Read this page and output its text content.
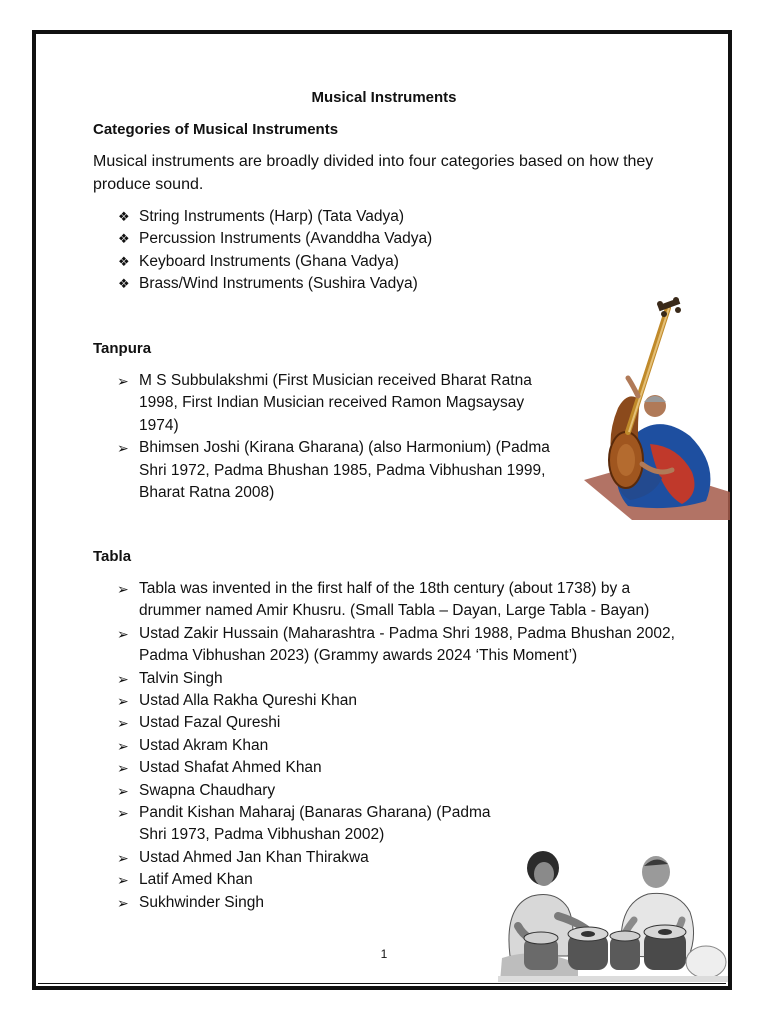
Musical Instruments
Categories of Musical Instruments
Musical instruments are broadly divided into four categories based on how they produce sound.
❖ String Instruments (Harp) (Tata Vadya)
❖ Percussion Instruments (Avanddha Vadya)
❖ Keyboard Instruments (Ghana Vadya)
❖ Brass/Wind Instruments (Sushira Vadya)
Tanpura
➢ M S Subbulakshmi (First Musician received Bharat Ratna 1998, First Indian Musician received Ramon Magsaysay 1974)
➢ Bhimsen Joshi (Kirana Gharana) (also Harmonium) (Padma Shri 1972, Padma Bhushan 1985, Padma Vibhushan 1999, Bharat Ratna 2008)
Tabla
➢ Tabla was invented in the first half of the 18th century (about 1738) by a drummer named Amir Khusru. (Small Tabla – Dayan, Large Tabla - Bayan)
➢ Ustad Zakir Hussain (Maharashtra - Padma Shri 1988, Padma Bhushan 2002, Padma Vibhushan 2023) (Grammy awards 2024 ‘This Moment’)
➢ Talvin Singh
➢ Ustad Alla Rakha Qureshi Khan
➢ Ustad Fazal Qureshi
➢ Ustad Akram Khan
➢ Ustad Shafat Ahmed Khan
➢ Swapna Chaudhary
➢ Pandit Kishan Maharaj (Banaras Gharana) (Padma Shri 1973, Padma Vibhushan 2002)
➢ Ustad Ahmed Jan Khan Thirakwa
➢ Latif Amed Khan
➢ Sukhwinder Singh
1
